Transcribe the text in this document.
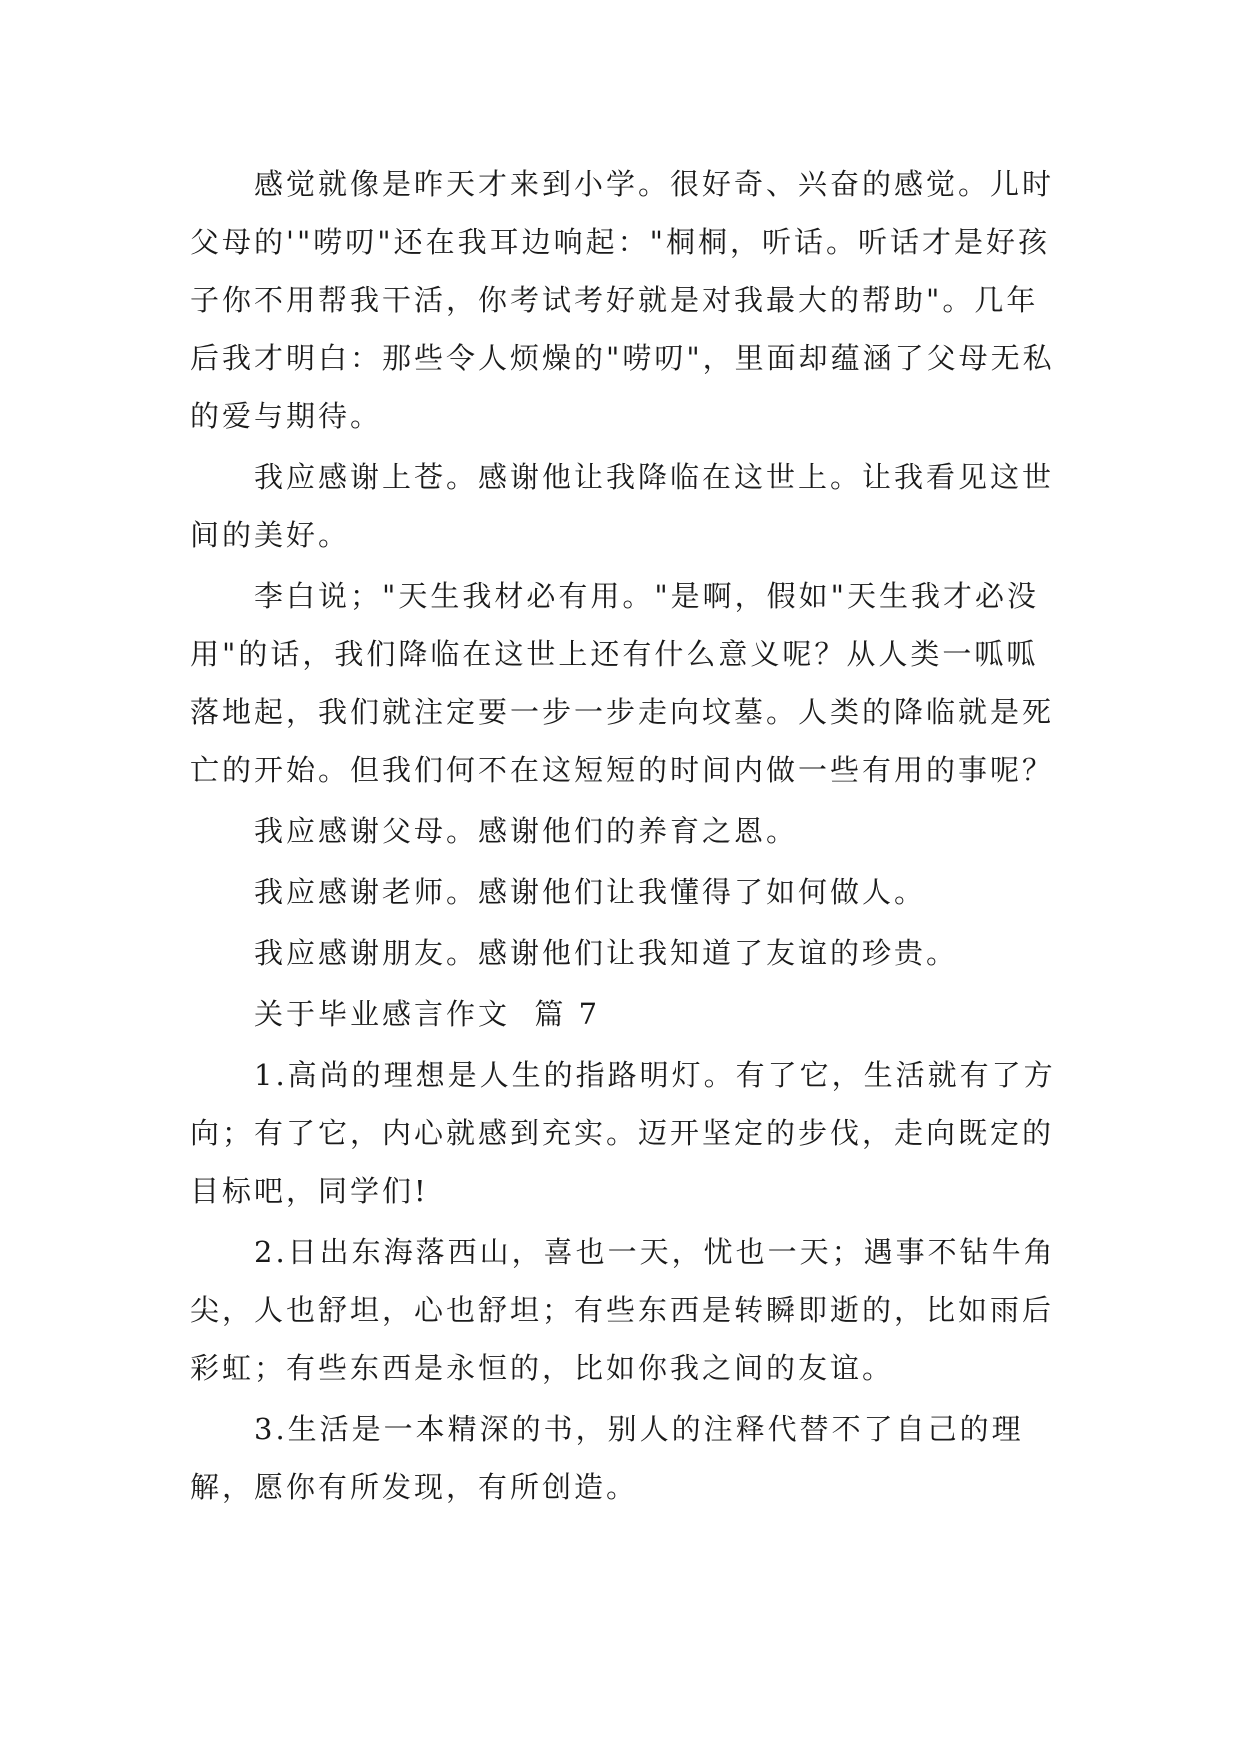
感觉就像是昨天才来到小学。很好奇、兴奋的感觉。儿时父母的'"唠叨"还在我耳边响起："桐桐，听话。听话才是好孩子你不用帮我干活，你考试考好就是对我最大的帮助"。几年后我才明白：那些令人烦燥的"唠叨"，里面却蕴涵了父母无私的爱与期待。

我应感谢上苍。感谢他让我降临在这世上。让我看见这世间的美好。

李白说；"天生我材必有用。"是啊，假如"天生我才必没用"的话，我们降临在这世上还有什么意义呢？从人类一呱呱落地起，我们就注定要一步一步走向坟墓。人类的降临就是死亡的开始。但我们何不在这短短的时间内做一些有用的事呢？

我应感谢父母。感谢他们的养育之恩。

我应感谢老师。感谢他们让我懂得了如何做人。

我应感谢朋友。感谢他们让我知道了友谊的珍贵。

关于毕业感言作文  篇 7

1.高尚的理想是人生的指路明灯。有了它，生活就有了方向；有了它，内心就感到充实。迈开坚定的步伐，走向既定的目标吧，同学们!

2.日出东海落西山，喜也一天，忧也一天；遇事不钻牛角尖，人也舒坦，心也舒坦；有些东西是转瞬即逝的，比如雨后彩虹；有些东西是永恒的，比如你我之间的友谊。

3.生活是一本精深的书，别人的注释代替不了自己的理解，愿你有所发现，有所创造。
